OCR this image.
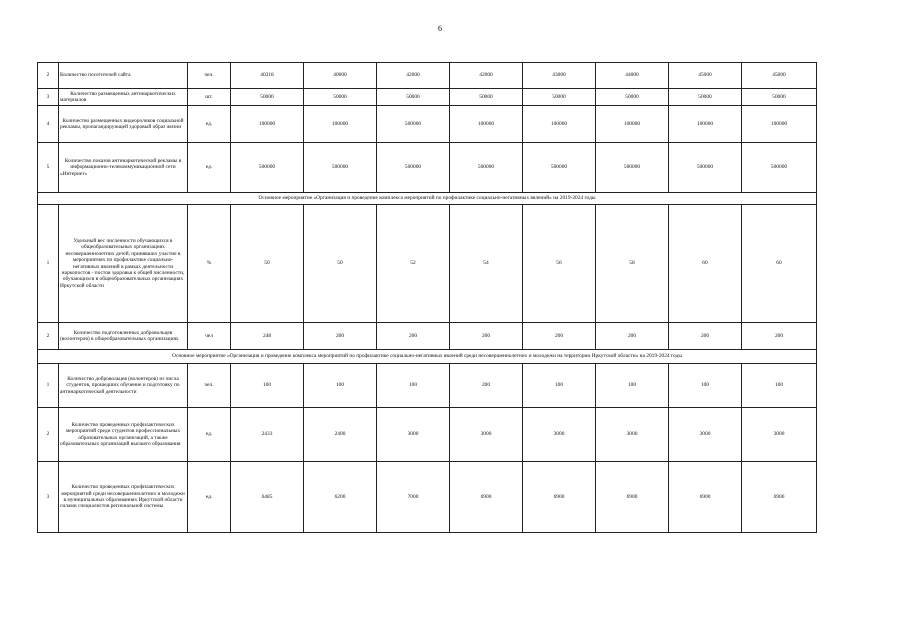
6
2	Количество посетителей сайта	чел.	40318	40000	42000	42000	43000	44000	45000	45000

3	Количество размещенных антинаркотических материалов	шт.	50000	50000	50000	50000	50000	50000	50000	50000

4	Количество размещенных видеороликов социальной рекламы, пропагандирующей здоровый образ жизни	ед.	100000	100000	500000	100000	100000	100000	100000	100000

5	Количество показов антинаркотической рекламы в информационно-телекоммуникационной сети «Интернет»	ед.	500000	500000	500000	500000	500000	500000	500000	500000
Основное мероприятие «Организация и проведение комплекса мероприятий по профилактике социально-негативных явлений» на 2019-2024 годы										

1	Удельный вес численности обучающихся в общеобразовательных организациях несовершеннолетних детей, принявших участие в мероприятиях по профилактике социально-негативных явлений в рамках деятельности наркопостов - постов здоровья к общей численности, обучающихся в общеобразовательных организациях Иркутской области	%	50	50	52	54	56	58	60	60

2	Количество подготовленных добровольцев (волонтеров) в общеобразовательных организациях	чел	248	200	200	200	200	200	200	200
Основное мероприятие «Организация и проведение комплекса мероприятий по профилактике социально-негативных явлений среди несовершеннолетних и молодежи на территории Иркутской области» на 2019-2024 годы										

1	Количество добровольцев (волонтеров) из числа студентов, прошедших обучение и подготовку по антинаркотической деятельности	чел.	100	100	100	200	100	100	100	100

2	Количество проведенных профилактических мероприятий среди студентов профессиональных образовательных организаций, а также образовательных организаций высшего образования	ед.	2433	2400	3000	3000	3000	3000	3000	3000

3	Количество проведенных профилактических мероприятий среди несовершеннолетних и молодежи в муниципальных образованиях Иркутской области силами специалистов региональной системы	ед.	6485	6200	7000	6900	6900	6900	6900	6900
